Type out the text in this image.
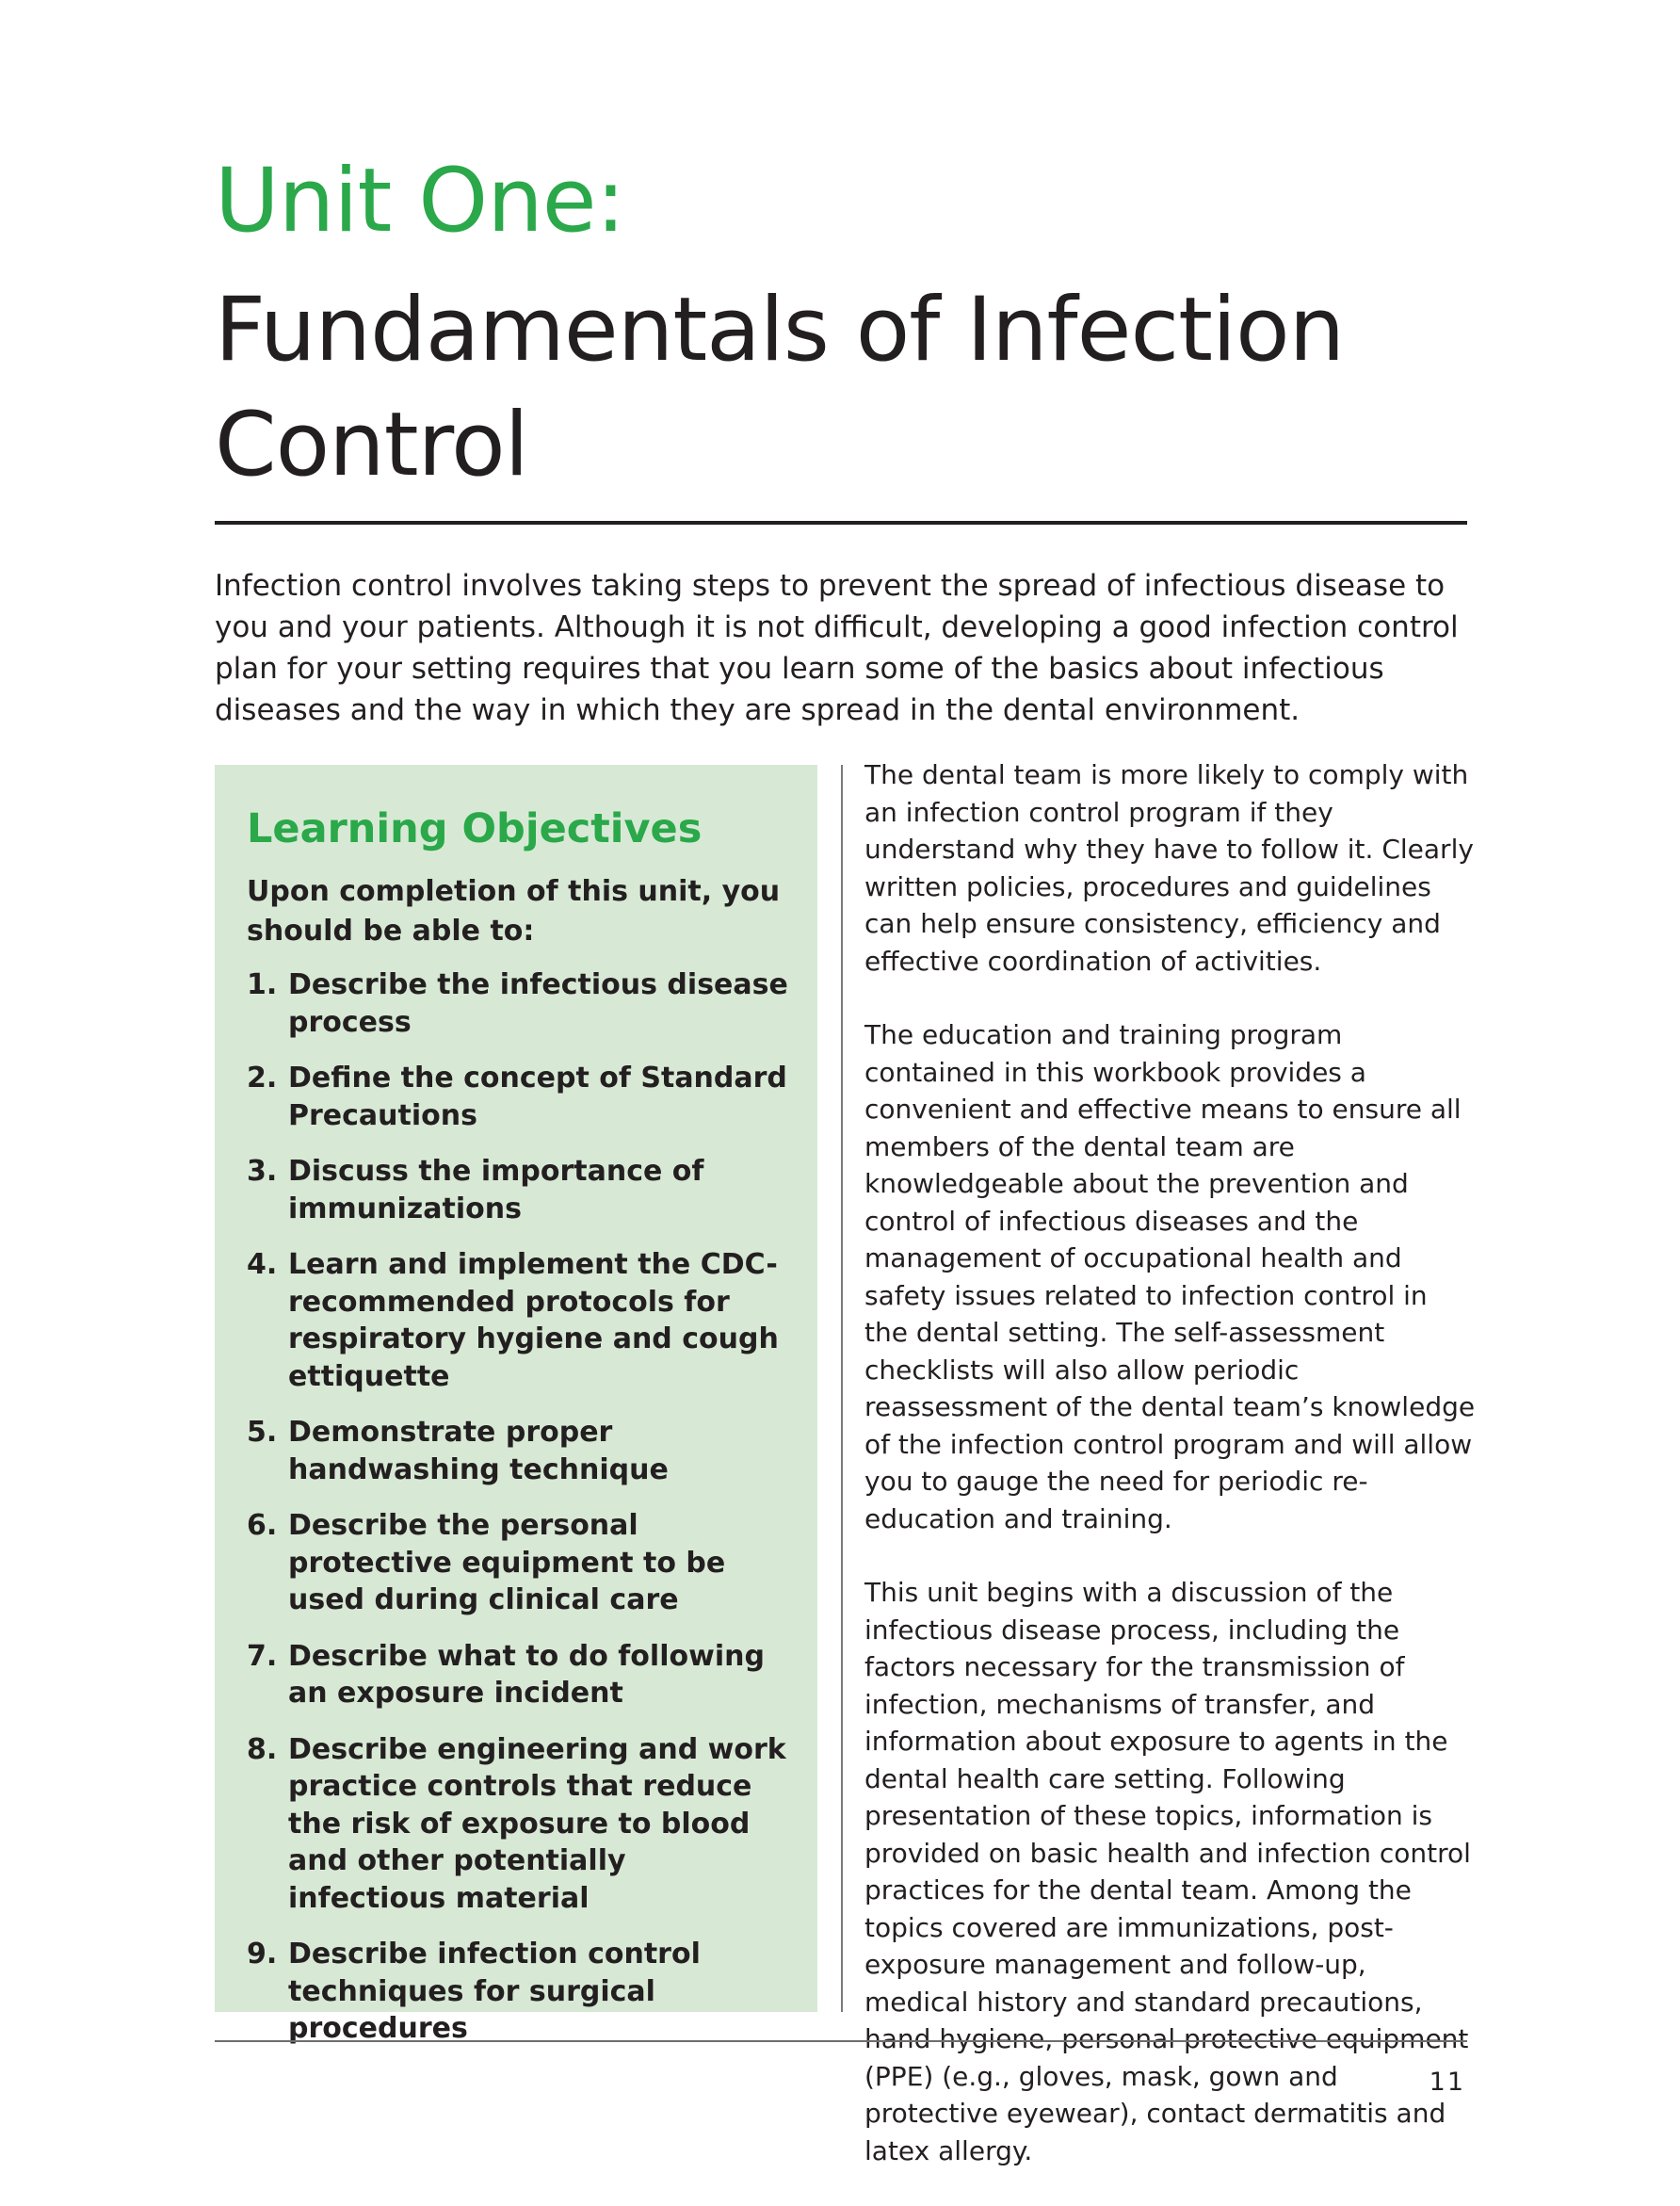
Unit One:
Fundamentals of Infection Control

Infection control involves taking steps to prevent the spread of infectious disease to you and your patients. Although it is not difficult, developing a good infection control plan for your setting requires that you learn some of the basics about infectious diseases and the way in which they are spread in the dental environment.

Learning Objectives

Upon completion of this unit, you should be able to:

1. Describe the infectious disease process
2. Define the concept of Standard Precautions
3. Discuss the importance of immunizations
4. Learn and implement the CDC-recommended protocols for respiratory hygiene and cough ettiquette
5. Demonstrate proper handwashing technique
6. Describe the personal protective equipment to be used during clinical care
7. Describe what to do following an exposure incident
8. Describe engineering and work practice controls that reduce the risk of exposure to blood and other potentially infectious material
9. Describe infection control techniques for surgical procedures

The dental team is more likely to comply with an infection control program if they understand why they have to follow it. Clearly written policies, procedures and guidelines can help ensure consistency, efficiency and effective coordination of activities.

The education and training program contained in this workbook provides a convenient and effective means to ensure all members of the dental team are knowledgeable about the prevention and control of infectious diseases and the management of occupational health and safety issues related to infection control in the dental setting. The self-assessment checklists will also allow periodic reassessment of the dental team’s knowledge of the infection control program and will allow you to gauge the need for periodic re-education and training.

This unit begins with a discussion of the infectious disease process, including the factors necessary for the transmission of infection, mechanisms of transfer, and information about exposure to agents in the dental health care setting. Following presentation of these topics, information is provided on basic health and infection control practices for the dental team. Among the topics covered are immunizations, post-exposure management and follow-up, medical history and standard precautions, hand hygiene, personal protective equipment (PPE) (e.g., gloves, mask, gown and protective eyewear), contact dermatitis and latex allergy.

11
